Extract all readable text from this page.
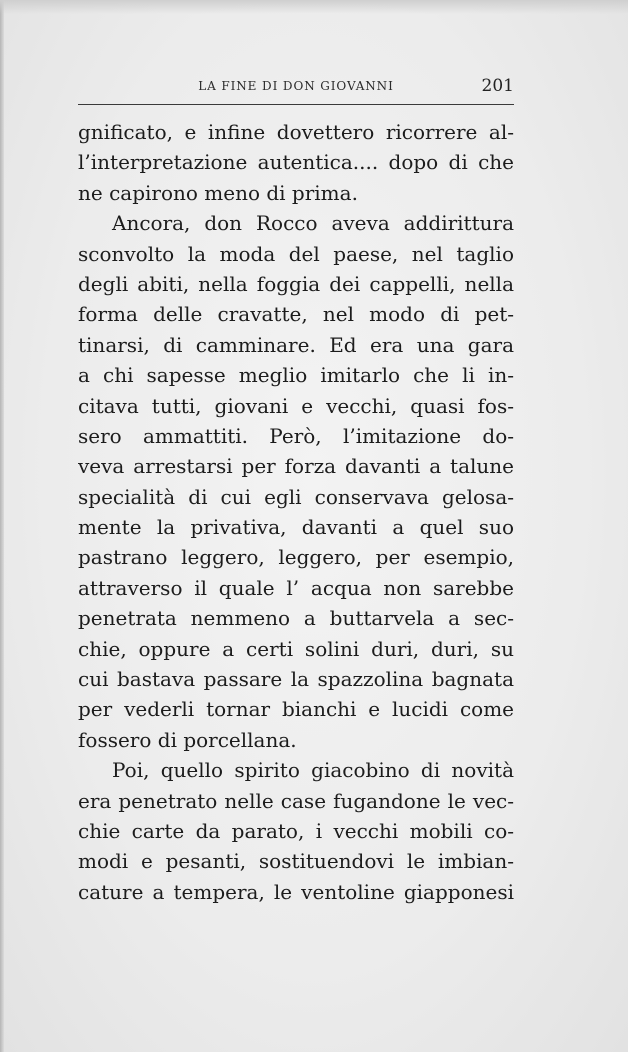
LA FINE DI DON GIOVANNI	201
gnificato, e infine dovettero ricorrere al-
l’interpretazione autentica.... dopo di che
ne capirono meno di prima.
Ancora, don Rocco aveva addirittura
sconvolto la moda del paese, nel taglio
degli abiti, nella foggia dei cappelli, nella
forma delle cravatte, nel modo di pet-
tinarsi, di camminare. Ed era una gara
a chi sapesse meglio imitarlo che li in-
citava tutti, giovani e vecchi, quasi fos-
sero ammattiti. Però, l’imitazione do-
veva arrestarsi per forza davanti a talune
specialità di cui egli conservava gelosa-
mente la privativa, davanti a quel suo
pastrano leggero, leggero, per esempio,
attraverso il quale l’ acqua non sarebbe
penetrata nemmeno a buttarvela a sec-
chie, oppure a certi solini duri, duri, su
cui bastava passare la spazzolina bagnata
per vederli tornar bianchi e lucidi come
fossero di porcellana.
Poi, quello spirito giacobino di novità
era penetrato nelle case fugandone le vec-
chie carte da parato, i vecchi mobili co-
modi e pesanti, sostituendovi le imbian-
cature a tempera, le ventoline giapponesi
